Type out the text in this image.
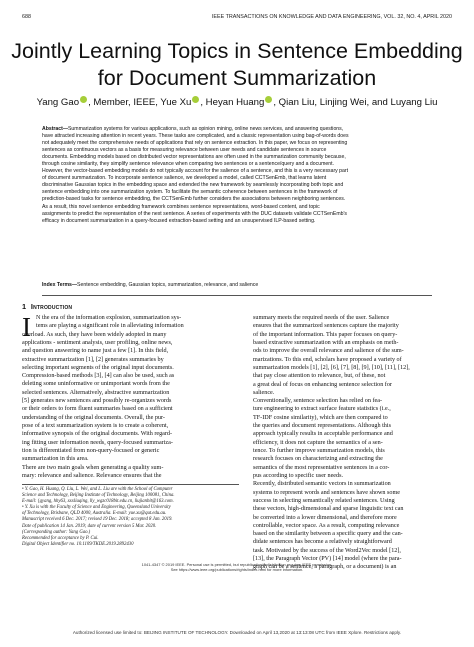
688	IEEE TRANSACTIONS ON KNOWLEDGE AND DATA ENGINEERING, VOL. 32, NO. 4, APRIL 2020
Jointly Learning Topics in Sentence Embedding
for Document Summarization
Yang Gao , Member, IEEE, Yue Xu , Heyan Huang , Qian Liu, Linjing Wei, and Luyang Liu
Abstract—Summarization systems for various applications, such as opinion mining, online news services, and answering questions,
have attracted increasing attention in recent years. These tasks are complicated, and a classic representation using bag-of-words does
not adequately meet the comprehensive needs of applications that rely on sentence extraction. In this paper, we focus on representing
sentences as continuous vectors as a basis for measuring relevance between user needs and candidate sentences in source
documents. Embedding models based on distributed vector representations are often used in the summarization community because,
through cosine similarity, they simplify sentence relevance when comparing two sentences or a sentence/query and a document.
However, the vector-based embedding models do not typically account for the salience of a sentence, and this is a very necessary part
of document summarization. To incorporate sentence salience, we developed a model, called CCTSenEmb, that learns latent
discriminative Gaussian topics in the embedding space and extended the new framework by seamlessly incorporating both topic and
sentence embedding into one summarization system. To facilitate the semantic coherence between sentences in the framework of
prediction-based tasks for sentence embedding, the CCTSenEmb further considers the associations between neighboring sentences.
As a result, this novel sentence embedding framework combines sentence representations, word-based content, and topic
assignments to predict the representation of the next sentence. A series of experiments with the DUC datasets validate CCTSenEmb's
efficacy in document summarization in a query-focused extraction-based setting and an unsupervised ILP-based setting.
Index Terms—Sentence embedding, Gaussian topics, summarization, relevance, and salience
1 Introduction
I N the era of the information explosion, summarization sys-
tems are playing a significant role in alleviating information
overload. As such, they have been widely adopted in many
applications - sentiment analysis, user profiling, online news,
and question answering to name just a few [1]. In this field,
extractive summarization [1], [2] generates summaries by
selecting important segments of the original input documents.
Compression-based methods [3], [4] can also be used, such as
deleting some uninformative or unimportant words from the
selected sentences. Alternatively, abstractive summarization
[5] generates new sentences and possibly re-organizes words
or their orders to form fluent summaries based on a sufficient
understanding of the original documents. Overall, the pur-
pose of a text summarization system is to create a coherent,
informative synopsis of the original documents. With regard-
ing fitting user information needs, query-focused summariza-
tion is differentiated from non-query-focused or generic
summarization in this area.
There are two main goals when generating a quality sum-
mary: relevance and salience. Relevance ensures that the
• Y. Gao, H. Huang, Q. Liu, L. Wei, and L. Liu are with the School of Computer
Science and Technology, Beijing Institute of Technology, Beijing 100081, China.
E-mail: {gyang, hhy63, xxxliuqing, lly_wgzc018bit.edu.cn, liujianbit@163.com.
• Y. Xu is with the Faculty of Science and Engineering, Queensland University
of Technology, Brisbane, QLD 4000, Australia. E-mail: yue.xu@qut.edu.au.
Manuscript received 6 Dec. 2017; revised 19 Dec. 2018; accepted 8 Jan. 2019.
Date of publication 14 Jan. 2019; date of current version 5 Mar. 2020.
(Corresponding author: Yang Gao.)
Recommended for acceptance by P. Cui.
Digital Object Identifier no. 10.1109/TKDE.2019.2892430
summary meets the required needs of the user. Salience
ensures that the summarized sentences capture the majority
of the important information. This paper focuses on query-
based extractive summarization with an emphasis on meth-
ods to improve the overall relevance and salience of the sum-
marizations. To this end, scholars have proposed a variety of
summarization models [1], [2], [6], [7], [8], [9], [10], [11], [12],
that pay close attention to relevance, but, of these, not
a great deal of focus on enhancing sentence selection for
salience.
Conventionally, sentence selection has relied on fea-
ture engineering to extract surface feature statistics (i.e.,
TF-IDF cosine similarity), which are then compared to
the queries and document representations. Although this
approach typically results in acceptable performance and
efficiency, it does not capture the semantics of a sen-
tence. To further improve summarization models, this
research focuses on characterizing and extracting the
semantics of the most representative sentences in a cor-
pus according to specific user needs.
Recently, distributed semantic vectors in summarization
systems to represent words and sentences have shown some
success in selecting semantically related sentences. Using
these vectors, high-dimensional and sparse linguistic text can
be converted into a lower dimensional, and therefore more
controllable, vector space. As a result, computing relevance
based on the similarity between a specific query and the can-
didate sentences has become a relatively straightforward
task. Motivated by the success of the Word2Vec model [12],
[13], the Paragraph Vector (PV) [14] model (where the para-
graph can be a sentence, a paragraph, or a document) is an
1041-4347 © 2019 IEEE. Personal use is permitted, but republication/redistribution requires IEEE permission.
See https://www.ieee.org/publications/rights/index.html for more information.
Authorized licensed use limited to: BEIJING INSTITUTE OF TECHNOLOGY. Downloaded on April 13,2020 at 13:13:08 UTC from IEEE Xplore. Restrictions apply.
